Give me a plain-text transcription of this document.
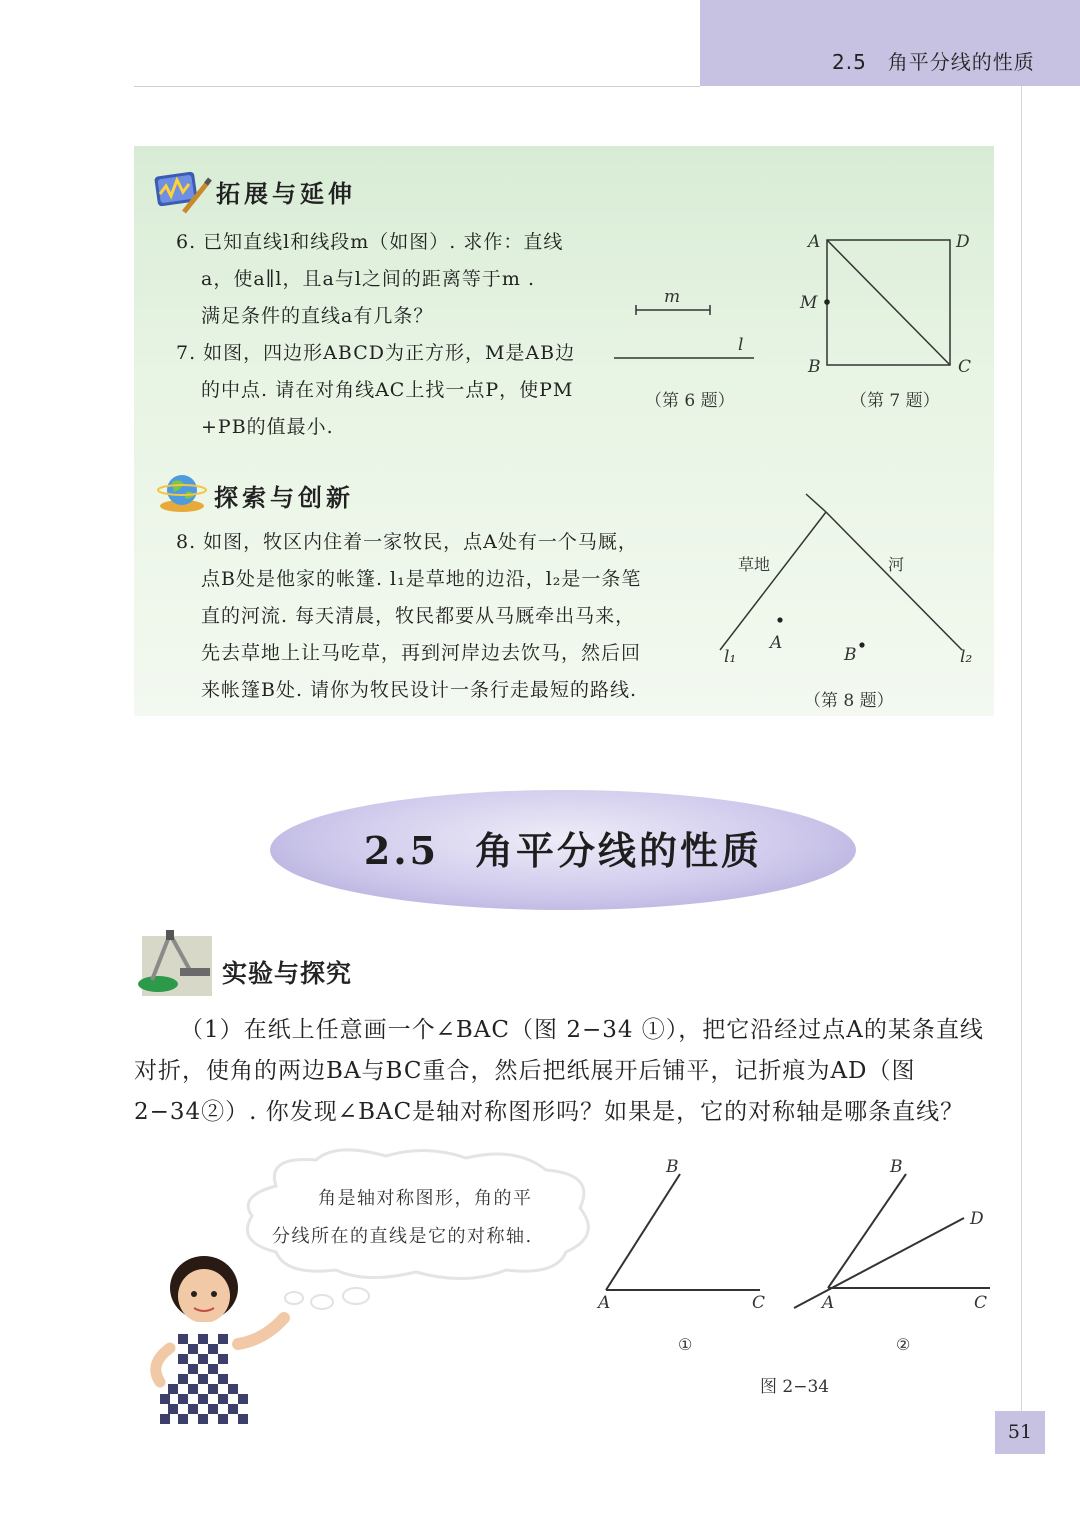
2.5　角平分线的性质
拓展与延伸

6. 已知直线l和线段m（如图）. 求作：直线

a，使a∥l，且a与l之间的距离等于m .

满足条件的直线a有几条？

7. 如图，四边形ABCD为正方形，M是AB边

的中点. 请在对角线AC上找一点P，使PM

+PB的值最小.

m
l
（第 6 题）
A	D
M
B	C
（第 7 题）
探索与创新

8. 如图，牧区内住着一家牧民，点A处有一个马厩，

点B处是他家的帐篷. l₁是草地的边沿，l₂是一条笔

直的河流. 每天清晨，牧民都要从马厩牵出马来，

先去草地上让马吃草，再到河岸边去饮马，然后回

来帐篷B处. 请你为牧民设计一条行走最短的路线.

草地	河
A
B
l₁	l₂
（第 8 题）
2.5 角平分线的性质
实验与探究

（1）在纸上任意画一个∠BAC（图 2−34 ①），把它沿经过点A的某条直线对折，使角的两边BA与BC重合，然后把纸展开后铺平，记折痕为AD（图 2−34②）. 你发现∠BAC是轴对称图形吗？如果是，它的对称轴是哪条直线？

角是轴对称图形，角的平

分线所在的直线是它的对称轴.

B
A	C
①
B
D
A	C
②
图 2−34
51
